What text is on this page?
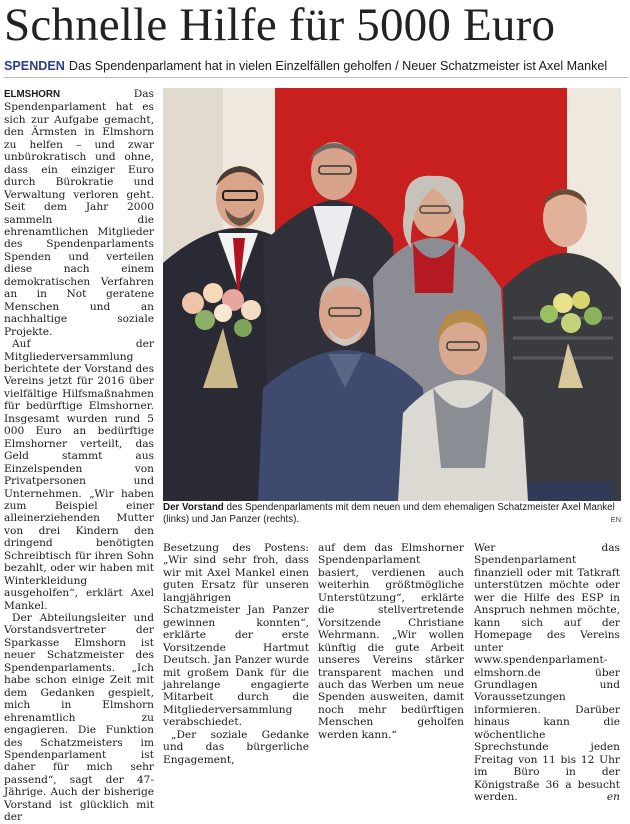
Schnelle Hilfe für 5000 Euro
SPENDEN Das Spendenparlament hat in vielen Einzelfällen geholfen / Neuer Schatzmeister ist Axel Mankel

ELMSHORN Das Spendenparlament hat es sich zur Aufgabe gemacht, den Ärmsten in Elmshorn zu helfen – und zwar unbürokratisch und ohne, dass ein einziger Euro durch Bürokratie und Verwaltung verloren geht. Seit dem Jahr 2000 sammeln die ehrenamtlichen Mitglieder des Spendenparlaments Spenden und verteilen diese nach einem demokratischen Verfahren an in Not geratene Menschen und an nachhaltige soziale Projekte.

Auf der Mitgliederversammlung berichtete der Vorstand des Vereins jetzt für 2016 über vielfältige Hilfsmaßnahmen für bedürftige Elmshorner. Insgesamt wurden rund 5 000 Euro an bedürftige Elmshorner verteilt, das Geld stammt aus Einzelspenden von Privatpersonen und Unternehmen. „Wir haben zum Beispiel einer alleinerziehenden Mutter von drei Kindern den dringend benötigten Schreibtisch für ihren Sohn bezahlt, oder wir haben mit Winterkleidung ausgeholfen“, erklärt Axel Mankel.

Der Abteilungsleiter und Vorstandsvertreter der Sparkasse Elmshorn ist neuer Schatzmeister des Spendenparlaments. „Ich habe schon einige Zeit mit dem Gedanken gespielt, mich in Elmshorn ehrenamtlich zu engagieren. Die Funktion des Schatzmeisters im Spendenparlament ist daher für mich sehr passend“, sagt der 47-Jährige. Auch der bisherige Vorstand ist glücklich mit der

Der Vorstand des Spendenparlaments mit dem neuen und dem ehemaligen Schatzmeister Axel Mankel (links) und Jan Panzer (rechts).	EN

Besetzung des Postens: „Wir sind sehr froh, dass wir mit Axel Mankel einen guten Ersatz für unseren langjährigen Schatzmeister Jan Panzer gewinnen konnten“, erklärte der erste Vorsitzende Hartmut Deutsch. Jan Panzer wurde mit großem Dank für die jahrelange engagierte Mitarbeit durch die Mitgliederversammlung verabschiedet.

„Der soziale Gedanke und das bürgerliche Engagement,

auf dem das Elmshorner Spendenparlament basiert, verdienen auch weiterhin größtmögliche Unterstützung“, erklärte die stellvertretende Vorsitzende Christiane Wehrmann. „Wir wollen künftig die gute Arbeit unseres Vereins stärker transparent machen und auch das Werben um neue Spenden ausweiten, damit noch mehr bedürftigen Menschen geholfen werden kann.“

Wer das Spendenparlament finanziell oder mit Tatkraft unterstützen möchte oder wer die Hilfe des ESP in Anspruch nehmen möchte, kann sich auf der Homepage des Vereins unter www.spendenparlament-elmshorn.de über Grundlagen und Voraussetzungen informieren. Darüber hinaus kann die wöchentliche Sprechstunde jeden Freitag von 11 bis 12 Uhr im Büro in der Königstraße 36 a besucht werden.	en
